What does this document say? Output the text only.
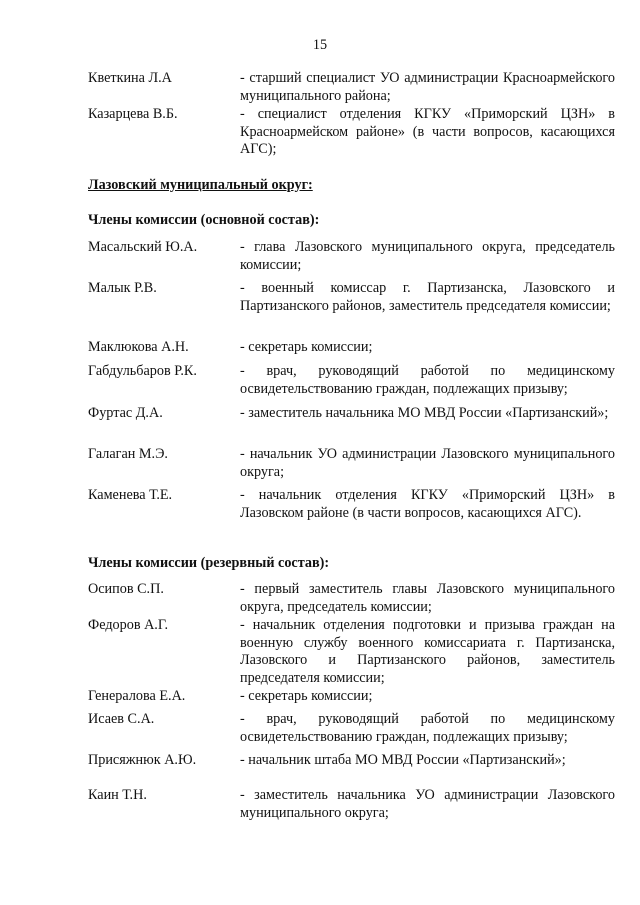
15
Кветкина Л.А	- старший специалист УО администрации Красноармейского муниципального района;
Казарцева В.Б.	- специалист отделения КГКУ «Приморский ЦЗН» в Красноармейском районе» (в части вопросов, касающихся АГС);
Лазовский муниципальный округ:
Члены комиссии (основной состав):
Масальский Ю.А.	- глава Лазовского муниципального округа, председатель комиссии;
Малык Р.В.	- военный комиссар г. Партизанска, Лазовского и Партизанского районов, заместитель председателя комиссии;
Маклюкова А.Н.	- секретарь комиссии;
Габдульбаров Р.К.	- врач, руководящий работой по медицинскому освидетельствованию граждан, подлежащих призыву;
Фуртас Д.А.	- заместитель начальника МО МВД России «Партизанский»;
Галаган М.Э.	- начальник УО администрации Лазовского муниципального округа;
Каменева Т.Е.	- начальник отделения КГКУ «Приморский ЦЗН» в Лазовском районе (в части вопросов, касающихся АГС).
Члены комиссии (резервный состав):
Осипов С.П.	- первый заместитель главы Лазовского муниципального округа, председатель комиссии;
Федоров А.Г.	- начальник отделения подготовки и призыва граждан на военную службу военного комиссариата г. Партизанска, Лазовского и Партизанского районов, заместитель председателя комиссии;
Генералова Е.А.	- секретарь комиссии;
Исаев С.А.	- врач, руководящий работой по медицинскому освидетельствованию граждан, подлежащих призыву;
Присяжнюк А.Ю.	- начальник штаба МО МВД России «Партизанский»;
Каин Т.Н.	- заместитель начальника УО администрации Лазовского муниципального округа;
